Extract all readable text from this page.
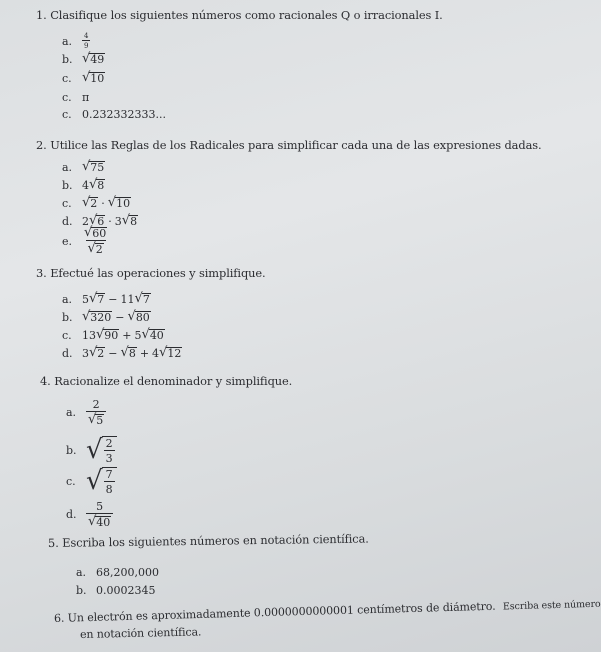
1. Clasifique los siguientes números como racionales Q o irracionales I.
a. $\frac{4}{9}$
b. √ 49
c. √ 10
c. π
c. 0.232332333...
2. Utilice las Reglas de los Radicales para simplificar cada una de las expresiones dadas.
a. √ 75
b. 4 √ 8
c. √ 2 · √ 10
d. 2 √ 6 · 3 √ 8
e. $\frac{√ 60}{√ 2}$
3. Efectué las operaciones y simplifique.
a. 5 √ 7 − 11 √ 7
b. √ 320 − √ 80
c. 13 √ 90 + 5 √ 40
d. 3 √ 2 − √ 8 + 4 √ 12
4. Racionalize el denominador y simplifique.
a. $\frac{2}{√ 5}$
b. √ $\frac{2}{3}$
c. √ $\frac{7}{8}$
d. $\frac{5}{√ 40}$
5. Escriba los siguientes números en notación científica.
a. 68,200,000
b. 0.0002345
6. Un electrón es aproximadamente 0.0000000000001 centímetros de diámetro. Escriba este número
en notación científica.
